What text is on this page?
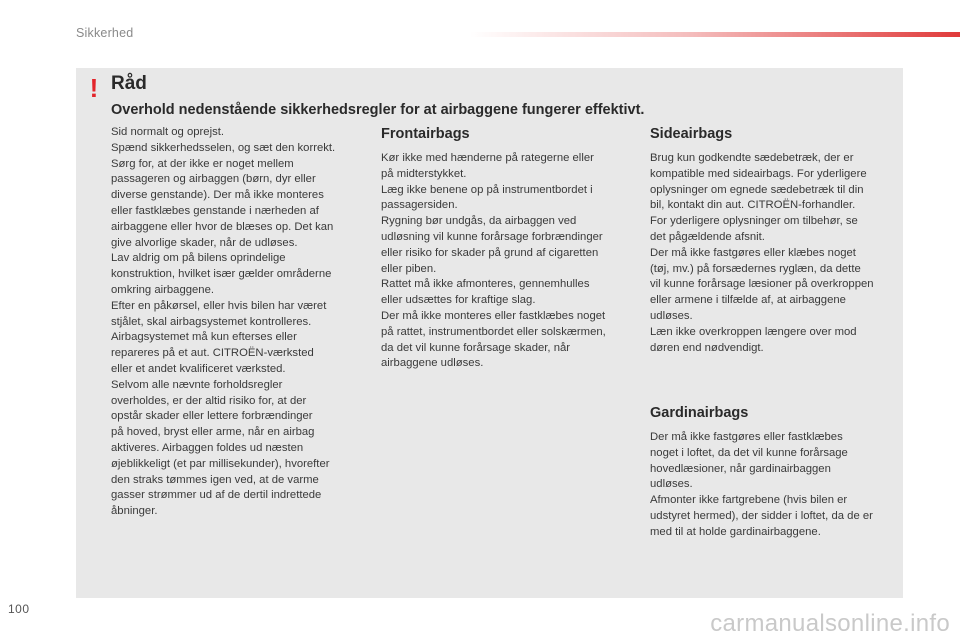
Sikkerhed
! Råd
Overhold nedenstående sikkerhedsregler for at airbaggene fungerer effektivt.

Sid normalt og oprejst.

Spænd sikkerhedsselen, og sæt den korrekt.

Sørg for, at der ikke er noget mellem

passageren og airbaggen (børn, dyr eller

diverse genstande). Der må ikke monteres

eller fastklæbes genstande i nærheden af

airbaggene eller hvor de blæses op. Det kan

give alvorlige skader, når de udløses.

Lav aldrig om på bilens oprindelige

konstruktion, hvilket især gælder områderne

omkring airbaggene.

Efter en påkørsel, eller hvis bilen har været

stjålet, skal airbagsystemet kontrolleres.

Airbagsystemet må kun efterses eller

repareres på et aut. CITROËN-værksted

eller et andet kvalificeret værksted.

Selvom alle nævnte forholdsregler

overholdes, er der altid risiko for, at der

opstår skader eller lettere forbrændinger

på hoved, bryst eller arme, når en airbag

aktiveres. Airbaggen foldes ud næsten

øjeblikkeligt (et par millisekunder), hvorefter

den straks tømmes igen ved, at de varme

gasser strømmer ud af de dertil indrettede

åbninger.

Frontairbags

Kør ikke med hænderne på rategerne eller

på midterstykket.

Læg ikke benene op på instrumentbordet i

passagersiden.

Rygning bør undgås, da airbaggen ved

udløsning vil kunne forårsage forbrændinger

eller risiko for skader på grund af cigaretten

eller piben.

Rattet må ikke afmonteres, gennemhulles

eller udsættes for kraftige slag.

Der må ikke monteres eller fastklæbes noget

på rattet, instrumentbordet eller solskærmen,

da det vil kunne forårsage skader, når

airbaggene udløses.

Sideairbags

Brug kun godkendte sædebetræk, der er

kompatible med sideairbags. For yderligere

oplysninger om egnede sædebetræk til din

bil, kontakt din aut. CITROËN-forhandler.

For yderligere oplysninger om tilbehør, se

det pågældende afsnit.

Der må ikke fastgøres eller klæbes noget

(tøj, mv.) på forsædernes ryglæn, da dette

vil kunne forårsage læsioner på overkroppen

eller armene i tilfælde af, at airbaggene

udløses.

Læn ikke overkroppen længere over mod

døren end nødvendigt.

Gardinairbags

Der må ikke fastgøres eller fastklæbes

noget i loftet, da det vil kunne forårsage

hovedlæsioner, når gardinairbaggen

udløses.

Afmonter ikke fartgrebene (hvis bilen er

udstyret hermed), der sidder i loftet, da de er

med til at holde gardinairbaggene.

100
carmanualsonline.info
